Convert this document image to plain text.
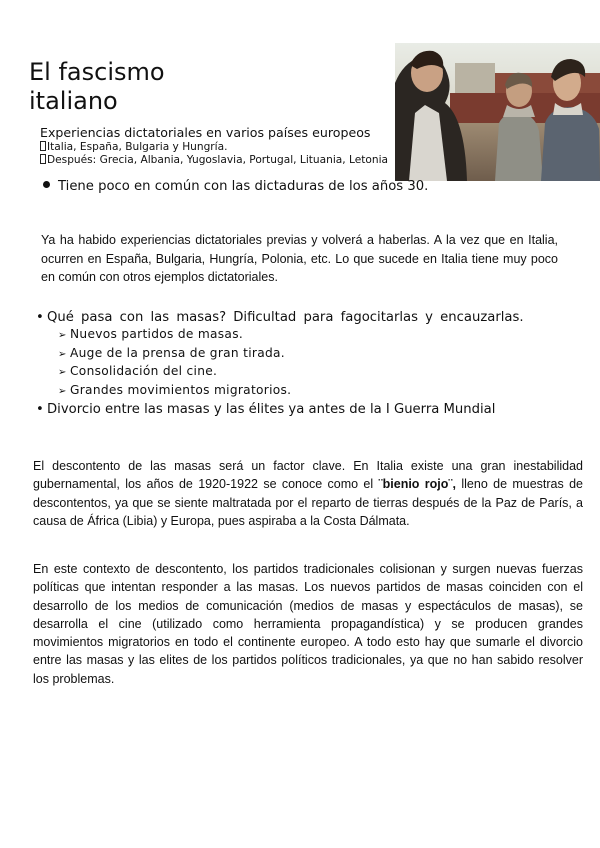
El fascismo
italiano
Experiencias dictatoriales en varios países europeos
Italia, España, Bulgaria y Hungría.
Después: Grecia, Albania, Yugoslavia, Portugal, Lituania, Letonia
Tiene poco en común con las dictaduras de los años 30.

Ya ha habido experiencias dictatoriales previas y volverá a haberlas. A la vez que en Italia, ocurren en España, Bulgaria, Hungría, Polonia, etc. Lo que sucede en Italia tiene muy poco en común con otros ejemplos dictatoriales.

• Qué pasa con las masas? Dificultad para fagocitarlas y encauzarlas.
➢ Nuevos partidos de masas.
➢ Auge de la prensa de gran tirada.
➢ Consolidación del cine.
➢ Grandes movimientos migratorios.
• Divorcio entre las masas y las élites ya antes de la I Guerra Mundial

El descontento de las masas será un factor clave. En Italia existe una gran inestabilidad gubernamental, los años de 1920-1922 se conoce como el ¨bienio rojo¨, lleno de muestras de descontentos, ya que se siente maltratada por el reparto de tierras después de la Paz de París, a causa de África (Libia) y Europa, pues aspiraba a la Costa Dálmata.

En este contexto de descontento, los partidos tradicionales colisionan y surgen nuevas fuerzas políticas que intentan responder a las masas. Los nuevos partidos de masas coinciden con el desarrollo de los medios de comunicación (medios de masas y espectáculos de masas), se desarrolla el cine (utilizado como herramienta propagandística) y se producen grandes movimientos migratorios en todo el continente europeo. A todo esto hay que sumarle el divorcio entre las masas y las elites de los partidos políticos tradicionales, ya que no han sabido resolver los problemas.
